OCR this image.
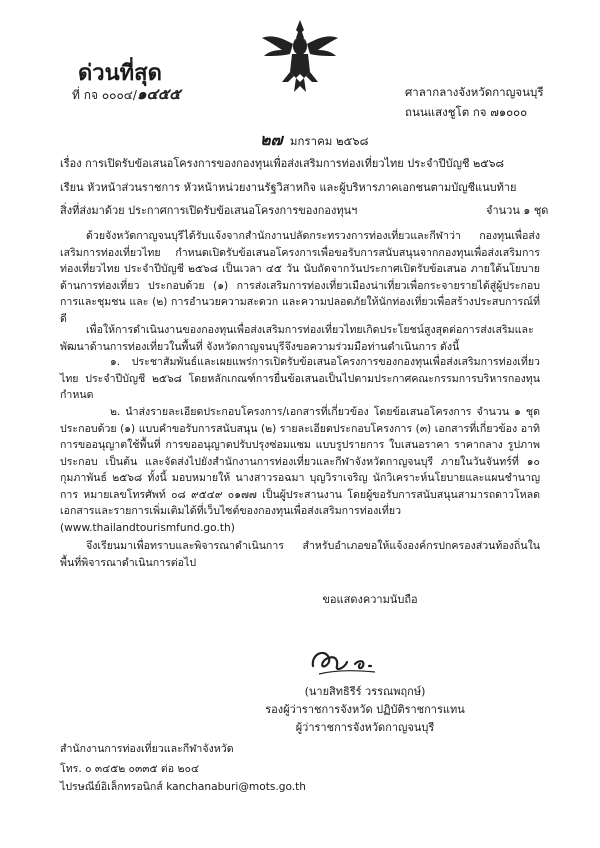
ด่วนที่สุด
ที่ กจ ๐๐๐๔/๑๔๕๕	ศาลากลางจังหวัดกาญจนบุรี
ถนนแสงชูโต กจ ๗๑๐๐๐
๒๗ มกราคม ๒๕๖๘
เรื่อง การเปิดรับข้อเสนอโครงการของกองทุนเพื่อส่งเสริมการท่องเที่ยวไทย ประจำปีบัญชี ๒๕๖๘
เรียน หัวหน้าส่วนราชการ หัวหน้าหน่วยงานรัฐวิสาหกิจ และผู้บริหารภาคเอกชนตามบัญชีแนบท้าย
สิ่งที่ส่งมาด้วย ประกาศการเปิดรับข้อเสนอโครงการของกองทุนฯ	จำนวน ๑ ชุด
ด้วยจังหวัดกาญจนบุรีได้รับแจ้งจากสำนักงานปลัดกระทรวงการท่องเที่ยวและกีฬาว่า กองทุนเพื่อส่งเสริมการท่องเที่ยวไทย กำหนดเปิดรับข้อเสนอโครงการเพื่อขอรับการสนับสนุนจากกองทุนเพื่อส่งเสริมการท่องเที่ยวไทย ประจำปีบัญชี ๒๕๖๘ เป็นเวลา ๔๕ วัน นับถัดจากวันประกาศเปิดรับข้อเสนอ ภายใต้นโยบายด้านการท่องเที่ยว ประกอบด้วย (๑) การส่งเสริมการท่องเที่ยวเมืองน่าเที่ยวเพื่อกระจายรายได้สู่ผู้ประกอบการและชุมชน และ (๒) การอำนวยความสะดวก และความปลอดภัยให้นักท่องเที่ยวเพื่อสร้างประสบการณ์ที่ดี
เพื่อให้การดำเนินงานของกองทุนเพื่อส่งเสริมการท่องเที่ยวไทยเกิดประโยชน์สูงสุดต่อการส่งเสริมและพัฒนาด้านการท่องเที่ยวในพื้นที่ จังหวัดกาญจนบุรีจึงขอความร่วมมือท่านดำเนินการ ดังนี้
๑. ประชาสัมพันธ์และเผยแพร่การเปิดรับข้อเสนอโครงการของกองทุนเพื่อส่งเสริมการท่องเที่ยวไทย ประจำปีบัญชี ๒๕๖๘ โดยหลักเกณฑ์การยื่นข้อเสนอเป็นไปตามประกาศคณะกรรมการบริหารกองทุนกำหนด
๒. นำส่งรายละเอียดประกอบโครงการ/เอกสารที่เกี่ยวข้อง โดยข้อเสนอโครงการ จำนวน ๑ ชุด ประกอบด้วย (๑) แบบคำขอรับการสนับสนุน (๒) รายละเอียดประกอบโครงการ (๓) เอกสารที่เกี่ยวข้อง อาทิ การขออนุญาตใช้พื้นที่ การขออนุญาตปรับปรุงซ่อมแซม แบบรูปรายการ ใบเสนอราคา ราคากลาง รูปภาพประกอบ เป็นต้น และจัดส่งไปยังสำนักงานการท่องเที่ยวและกีฬาจังหวัดกาญจนบุรี ภายในวันจันทร์ที่ ๑๐ กุมภาพันธ์ ๒๕๖๘ ทั้งนี้ มอบหมายให้ นางสาวรอฉมา บุญวิราเจริญ นักวิเคราะห์นโยบายและแผนชำนาญการ หมายเลขโทรศัพท์ ๐๘ ๙๕๔๙ ๐๑๗๗ เป็นผู้ประสานงาน โดยผู้ขอรับการสนับสนุนสามารถดาวโหลดเอกสารและรายการเพิ่มเติมได้ที่เว็บไซต์ของกองทุนเพื่อส่งเสริมการท่องเที่ยว (www.thailandtourismfund.go.th)
จึงเรียนมาเพื่อทราบและพิจารณาดำเนินการ สำหรับอำเภอขอให้แจ้งองค์กรปกครองส่วนท้องถิ่นในพื้นที่พิจารณาดำเนินการต่อไป
ขอแสดงความนับถือ
(นายสิทธิรีร์ วรรณพฤกษ์)
รองผู้ว่าราชการจังหวัด ปฏิบัติราชการแทน
ผู้ว่าราชการจังหวัดกาญจนบุรี
สำนักงานการท่องเที่ยวและกีฬาจังหวัด
โทร. ๐ ๓๔๕๒ ๐๓๓๕ ต่อ ๒๐๔
ไปรษณีย์อิเล็กทรอนิกส์ kanchanaburi@mots.go.th
